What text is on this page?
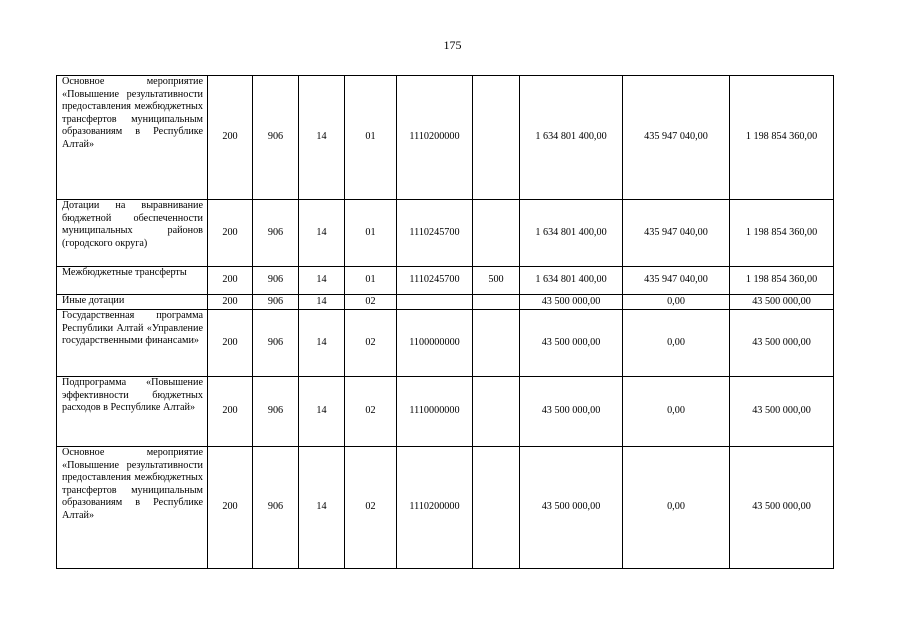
175
Основное мероприятие «Повышение результативности предоставления межбюджетных трансфертов муниципальным образованиям в Республике Алтай»	200	906	14	01	1110200000		1 634 801 400,00	435 947 040,00	1 198 854 360,00
Дотации на выравнивание бюджетной обеспеченности муниципальных районов (городского округа)	200	906	14	01	1110245700		1 634 801 400,00	435 947 040,00	1 198 854 360,00
Межбюджетные трансферты	200	906	14	01	1110245700	500	1 634 801 400,00	435 947 040,00	1 198 854 360,00
Иные дотации	200	906	14	02			43 500 000,00	0,00	43 500 000,00
Государственная программа Республики Алтай «Управление государственными финансами»	200	906	14	02	1100000000		43 500 000,00	0,00	43 500 000,00
Подпрограмма «Повышение эффективности бюджетных расходов в Республике Алтай»	200	906	14	02	1110000000		43 500 000,00	0,00	43 500 000,00
Основное мероприятие «Повышение результативности предоставления межбюджетных трансфертов муниципальным образованиям в Республике Алтай»	200	906	14	02	1110200000		43 500 000,00	0,00	43 500 000,00
